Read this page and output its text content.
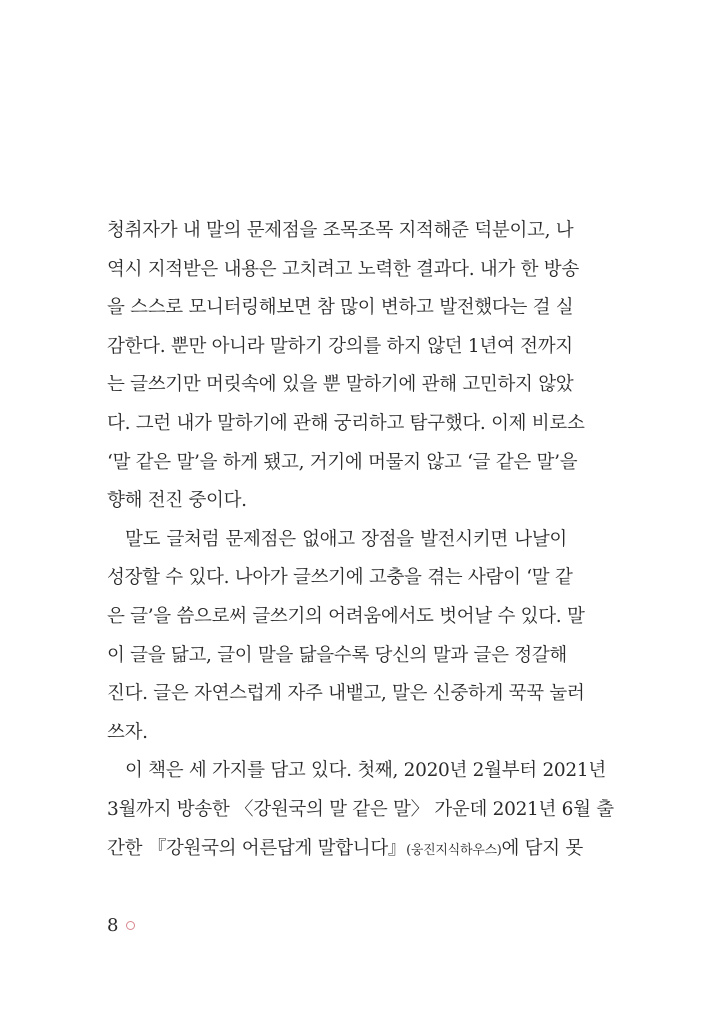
청취자가 내 말의 문제점을 조목조목 지적해준 덕분이고, 나
역시 지적받은 내용은 고치려고 노력한 결과다. 내가 한 방송
을 스스로 모니터링해보면 참 많이 변하고 발전했다는 걸 실
감한다. 뿐만 아니라 말하기 강의를 하지 않던 1년여 전까지
는 글쓰기만 머릿속에 있을 뿐 말하기에 관해 고민하지 않았
다. 그런 내가 말하기에 관해 궁리하고 탐구했다. 이제 비로소
‘말 같은 말’을 하게 됐고, 거기에 머물지 않고 ‘글 같은 말’을
향해 전진 중이다.
말도 글처럼 문제점은 없애고 장점을 발전시키면 나날이
성장할 수 있다. 나아가 글쓰기에 고충을 겪는 사람이 ‘말 같
은 글’을 씀으로써 글쓰기의 어려움에서도 벗어날 수 있다. 말
이 글을 닮고, 글이 말을 닮을수록 당신의 말과 글은 정갈해
진다. 글은 자연스럽게 자주 내뱉고, 말은 신중하게 꾹꾹 눌러
쓰자.
이 책은 세 가지를 담고 있다. 첫째, 2020년 2월부터 2021년
3월까지 방송한 〈강원국의 말 같은 말〉 가운데 2021년 6월 출
간한 『강원국의 어른답게 말합니다』(웅진지식하우스)에 담지 못
8
